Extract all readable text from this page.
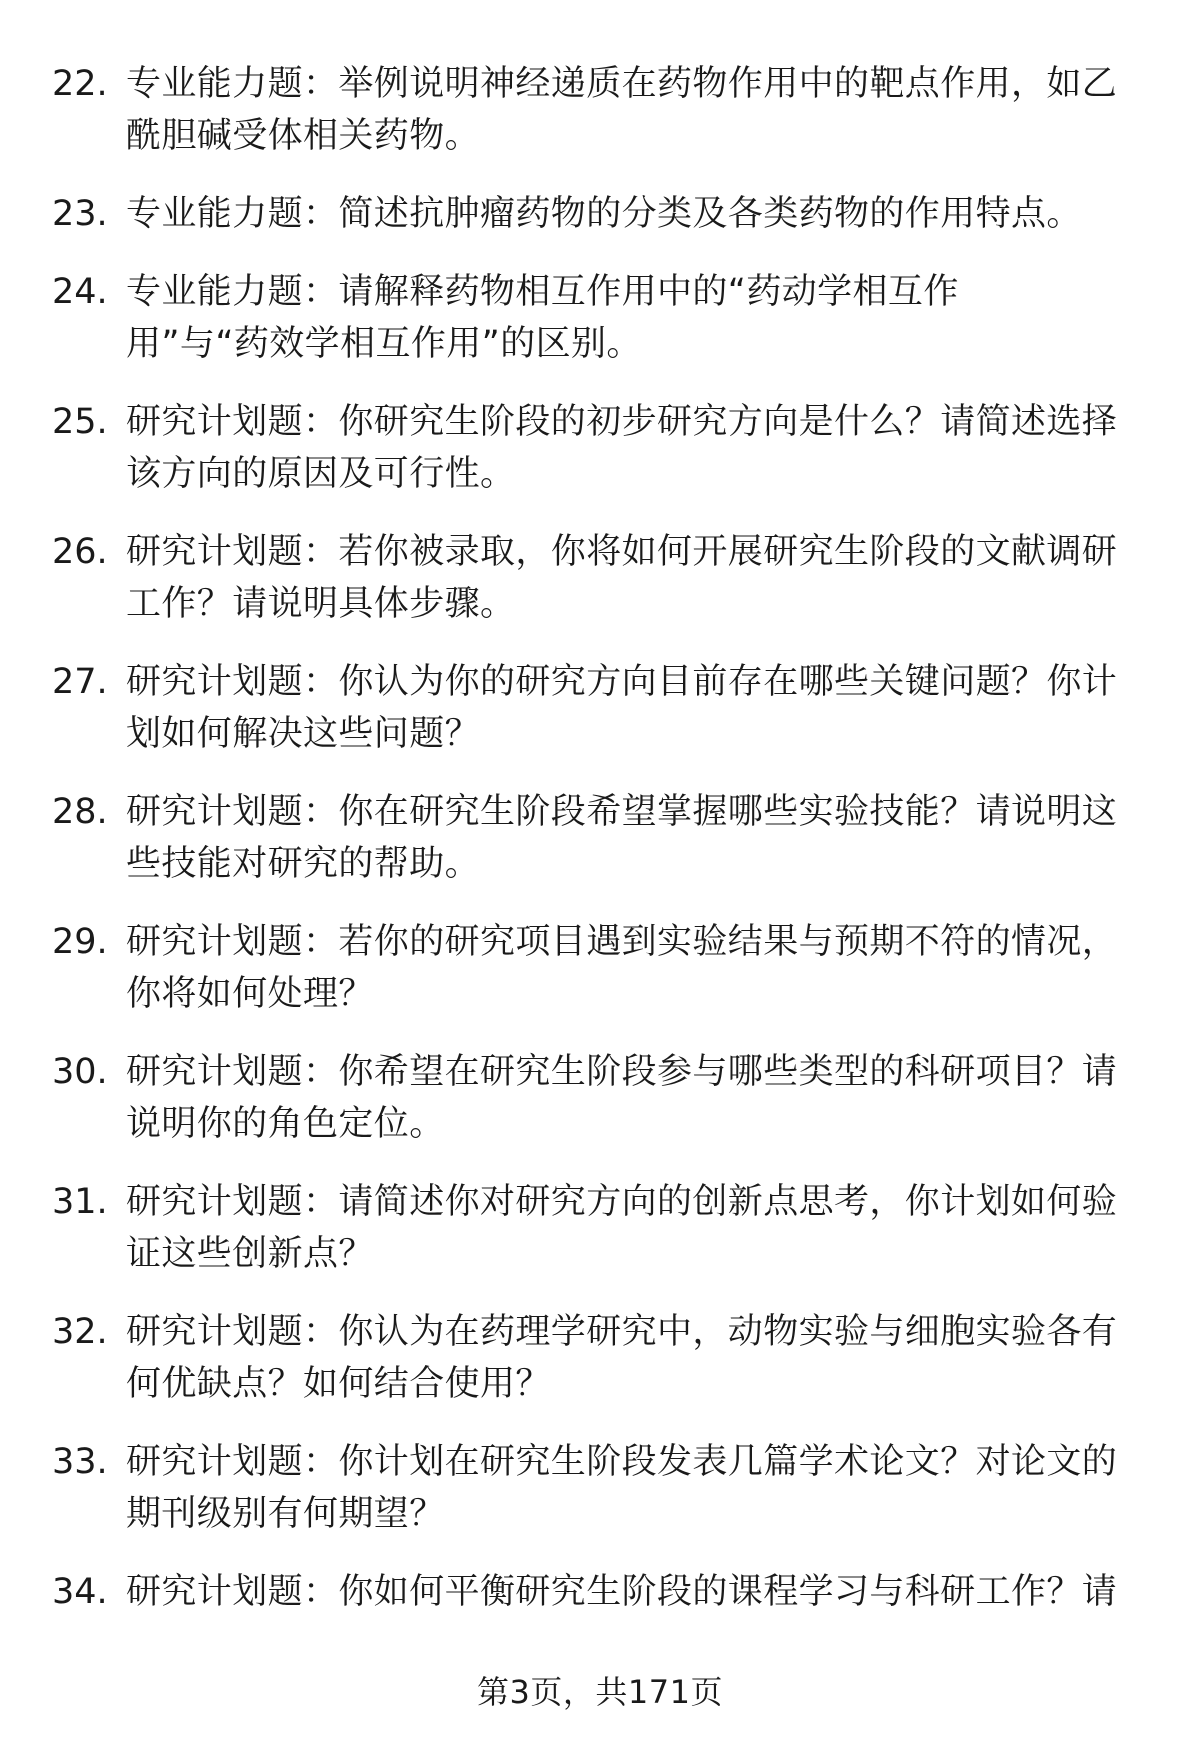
22. 专业能力题：举例说明神经递质在药物作用中的靶点作用，如乙酰胆碱受体相关药物。
23. 专业能力题：简述抗肿瘤药物的分类及各类药物的作用特点。
24. 专业能力题：请解释药物相互作用中的“药动学相互作用”与“药效学相互作用”的区别。
25. 研究计划题：你研究生阶段的初步研究方向是什么？请简述选择该方向的原因及可行性。
26. 研究计划题：若你被录取，你将如何开展研究生阶段的文献调研工作？请说明具体步骤。
27. 研究计划题：你认为你的研究方向目前存在哪些关键问题？你计划如何解决这些问题？
28. 研究计划题：你在研究生阶段希望掌握哪些实验技能？请说明这些技能对研究的帮助。
29. 研究计划题：若你的研究项目遇到实验结果与预期不符的情况，你将如何处理？
30. 研究计划题：你希望在研究生阶段参与哪些类型的科研项目？请说明你的角色定位。
31. 研究计划题：请简述你对研究方向的创新点思考，你计划如何验证这些创新点？
32. 研究计划题：你认为在药理学研究中，动物实验与细胞实验各有何优缺点？如何结合使用？
33. 研究计划题：你计划在研究生阶段发表几篇学术论文？对论文的期刊级别有何期望？
34. 研究计划题：你如何平衡研究生阶段的课程学习与科研工作？请
第3页，共171页
